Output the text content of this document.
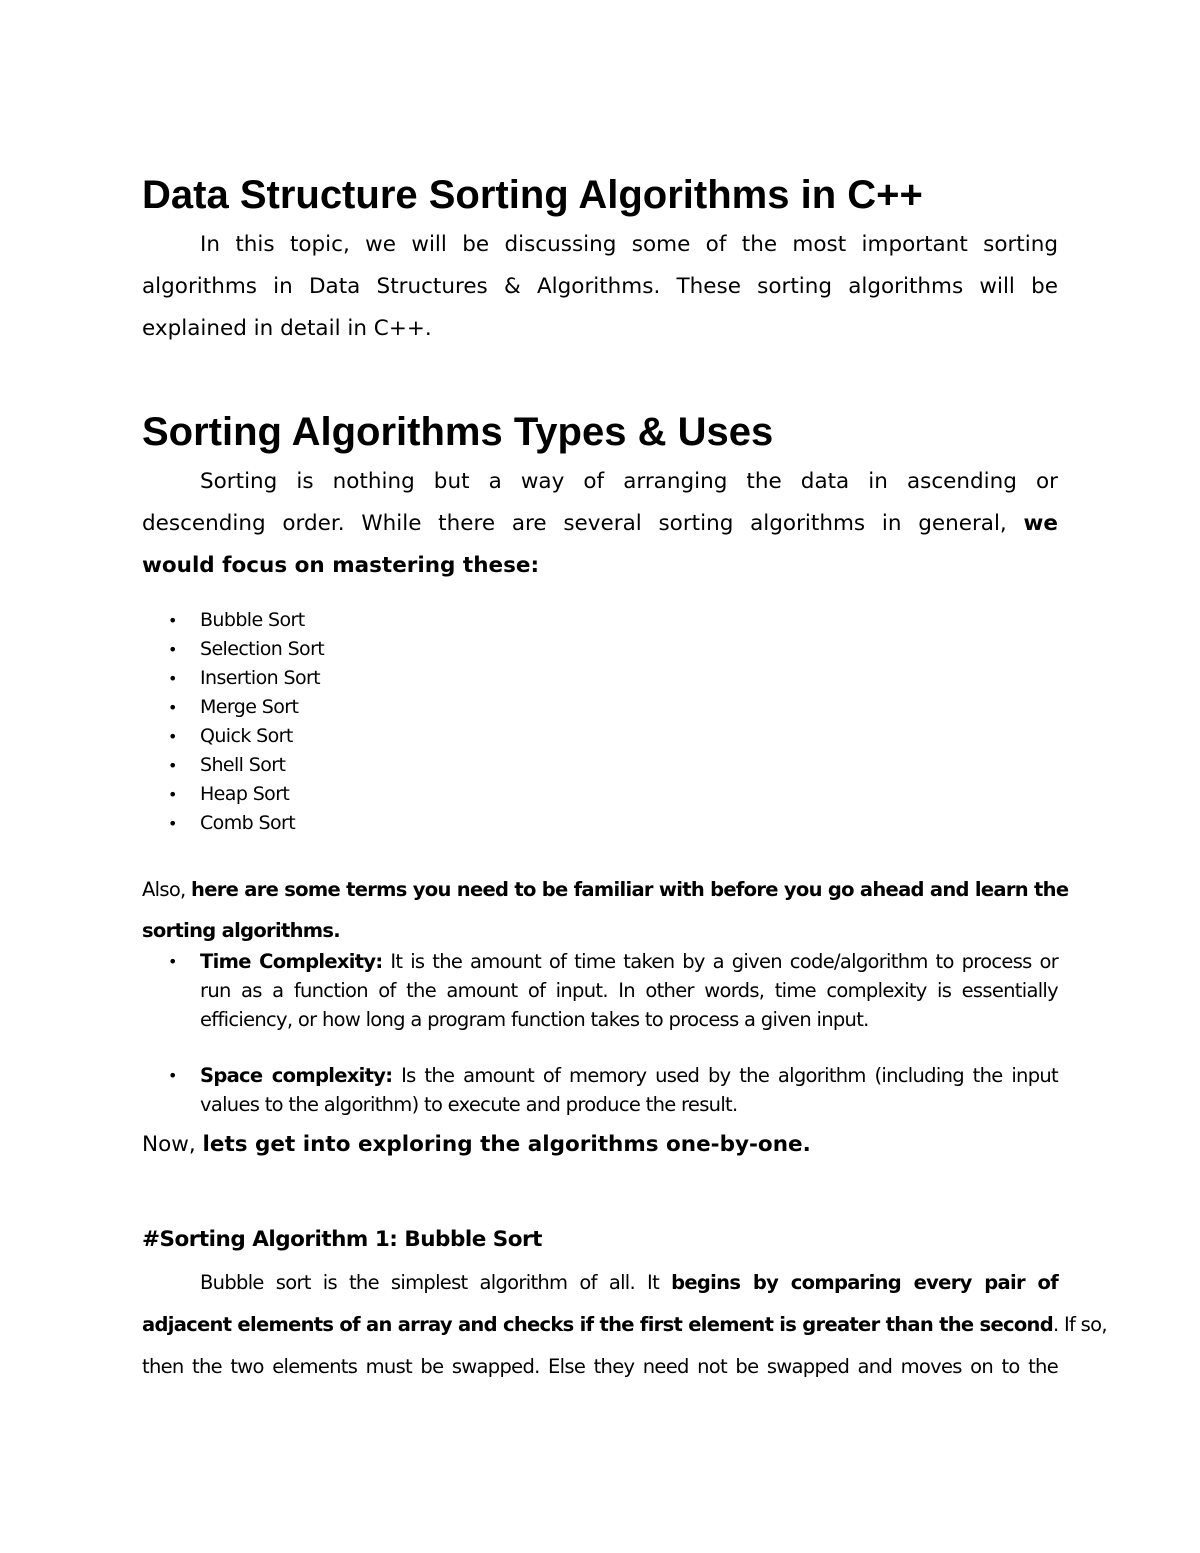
Data Structure Sorting Algorithms in C++
In this topic, we will be discussing some of the most important sorting
algorithms in Data Structures & Algorithms. These sorting algorithms will be
explained in detail in C++.
Sorting Algorithms Types & Uses
Sorting is nothing but a way of arranging the data in ascending or
descending order. While there are several sorting algorithms in general, we
would focus on mastering these:
• Bubble Sort
• Selection Sort
• Insertion Sort
• Merge Sort
• Quick Sort
• Shell Sort
• Heap Sort
• Comb Sort
Also, here are some terms you need to be familiar with before you go ahead and learn the
sorting algorithms.
• Time Complexity: It is the amount of time taken by a given code/algorithm to process or
run as a function of the amount of input. In other words, time complexity is essentially
efficiency, or how long a program function takes to process a given input.
• Space complexity: Is the amount of memory used by the algorithm (including the input
values to the algorithm) to execute and produce the result.
Now, lets get into exploring the algorithms one-by-one.
#Sorting Algorithm 1: Bubble Sort
Bubble sort is the simplest algorithm of all. It begins by comparing every pair of
adjacent elements of an array and checks if the first element is greater than the second. If so,
then the two elements must be swapped. Else they need not be swapped and moves on to the
